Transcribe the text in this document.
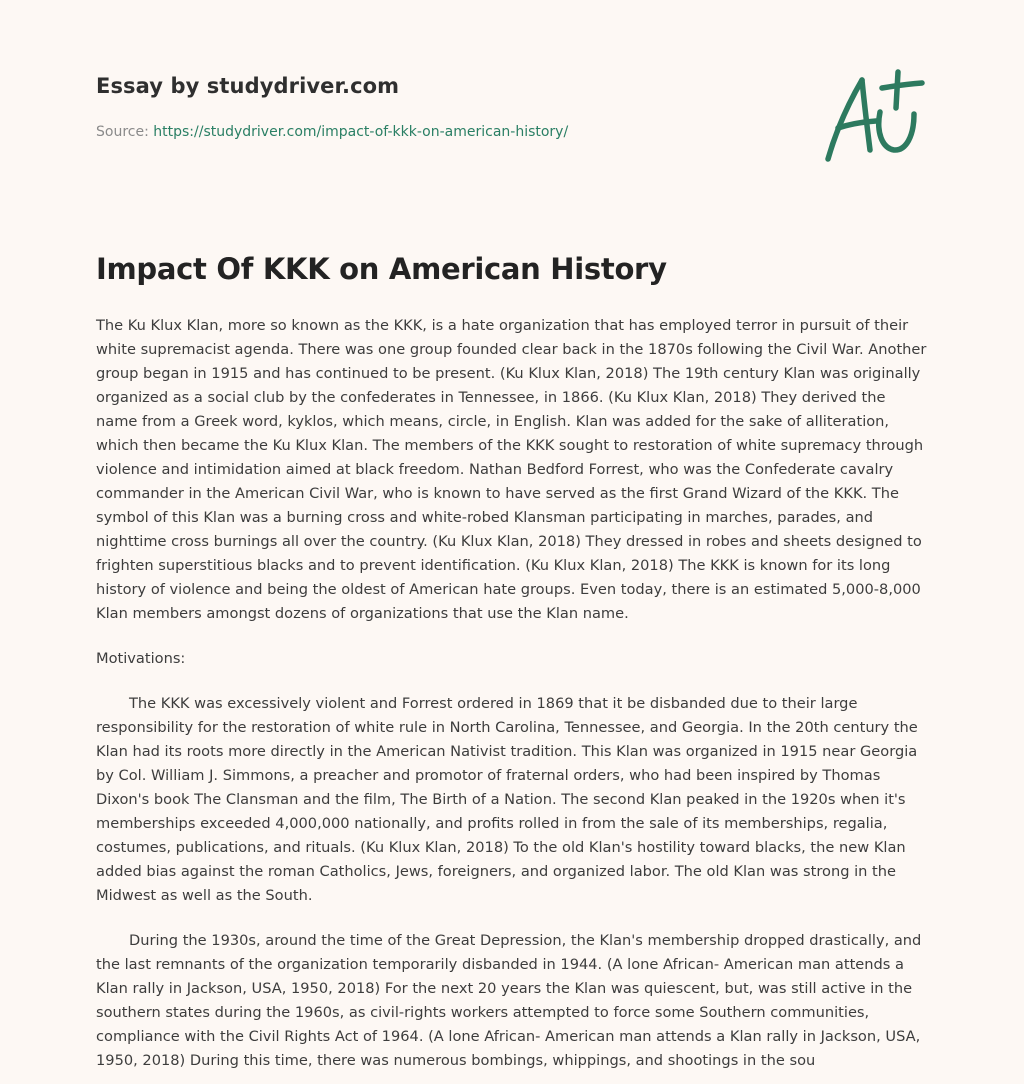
Essay by studydriver.com
Source: https://studydriver.com/impact-of-kkk-on-american-history/
Impact Of KKK on American History

The Ku Klux Klan, more so known as the KKK, is a hate organization that has employed terror in pursuit of their white supremacist agenda. There was one group founded clear back in the 1870s following the Civil War. Another group began in 1915 and has continued to be present. (Ku Klux Klan, 2018) The 19th century Klan was originally organized as a social club by the confederates in Tennessee, in 1866. (Ku Klux Klan, 2018) They derived the name from a Greek word, kyklos, which means, circle, in English. Klan was added for the sake of alliteration, which then became the Ku Klux Klan. The members of the KKK sought to restoration of white supremacy through violence and intimidation aimed at black freedom. Nathan Bedford Forrest, who was the Confederate cavalry commander in the American Civil War, who is known to have served as the first Grand Wizard of the KKK. The symbol of this Klan was a burning cross and white-robed Klansman participating in marches, parades, and nighttime cross burnings all over the country. (Ku Klux Klan, 2018) They dressed in robes and sheets designed to frighten superstitious blacks and to prevent identification. (Ku Klux Klan, 2018) The KKK is known for its long history of violence and being the oldest of American hate groups. Even today, there is an estimated 5,000-8,000 Klan members amongst dozens of organizations that use the Klan name.

Motivations:

The KKK was excessively violent and Forrest ordered in 1869 that it be disbanded due to their large responsibility for the restoration of white rule in North Carolina, Tennessee, and Georgia. In the 20th century the Klan had its roots more directly in the American Nativist tradition. This Klan was organized in 1915 near Georgia by Col. William J. Simmons, a preacher and promotor of fraternal orders, who had been inspired by Thomas Dixon's book The Clansman and the film, The Birth of a Nation. The second Klan peaked in the 1920s when it's memberships exceeded 4,000,000 nationally, and profits rolled in from the sale of its memberships, regalia, costumes, publications, and rituals. (Ku Klux Klan, 2018) To the old Klan's hostility toward blacks, the new Klan added bias against the roman Catholics, Jews, foreigners, and organized labor. The old Klan was strong in the Midwest as well as the South.

During the 1930s, around the time of the Great Depression, the Klan's membership dropped drastically, and the last remnants of the organization temporarily disbanded in 1944. (A lone African- American man attends a Klan rally in Jackson, USA, 1950, 2018) For the next 20 years the Klan was quiescent, but, was still active in the southern states during the 1960s, as civil-rights workers attempted to force some Southern communities, compliance with the Civil Rights Act of 1964. (A lone African- American man attends a Klan rally in Jackson, USA, 1950, 2018) During this time, there was numerous bombings, whippings, and shootings in the sou
